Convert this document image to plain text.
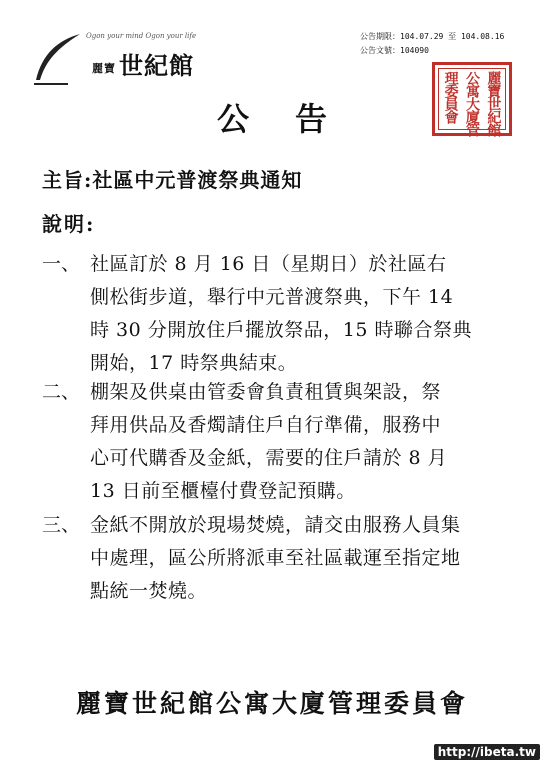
Ogon your mind Ogon your life
麗寶 世紀館
公告期限：104.07.29 至 104.08.16
公告文號：104090
麗寶世紀館
公寓大廈管
理委員會
公告
主旨:社區中元普渡祭典通知
說明:
一、 社區訂於 8 月 16 日（星期日）於社區右
側松街步道，舉行中元普渡祭典，下午 14
時 30 分開放住戶擺放祭品，15 時聯合祭典
開始，17 時祭典結束。
二、 棚架及供桌由管委會負責租賃與架設，祭
拜用供品及香燭請住戶自行準備，服務中
心可代購香及金紙，需要的住戶請於 8 月
13 日前至櫃檯付費登記預購。
三、 金紙不開放於現場焚燒，請交由服務人員集
中處理，區公所將派車至社區載運至指定地
點統一焚燒。
麗寶世紀館公寓大廈管理委員會
http://ibeta.tw
